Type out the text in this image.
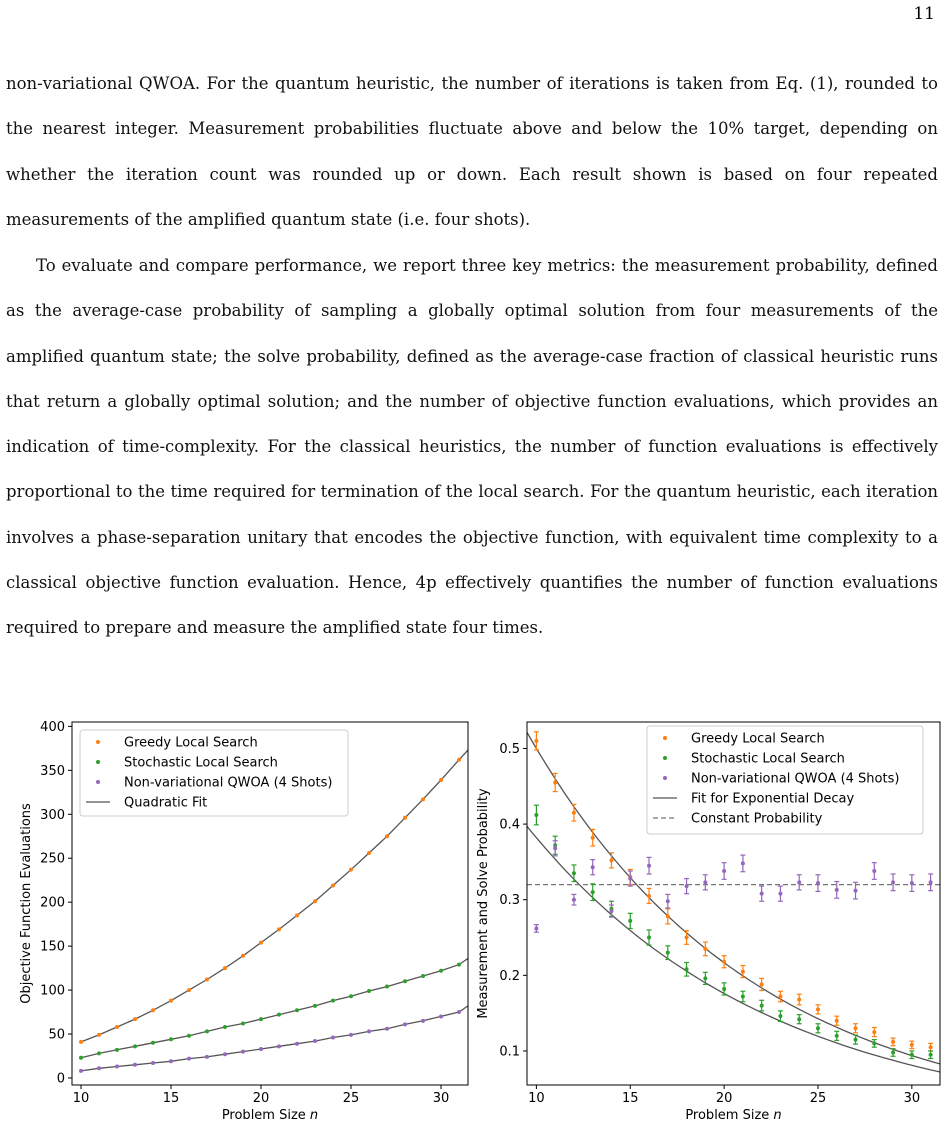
11

non-variational QWOA. For the quantum heuristic, the number of iterations is taken from Eq. (1), rounded to the nearest integer. Measurement probabilities fluctuate above and below the 10% target, depending on whether the iteration count was rounded up or down. Each result shown is based on four repeated measurements of the amplified quantum state (i.e. four shots).

To evaluate and compare performance, we report three key metrics: the measurement probability, defined as the average-case probability of sampling a globally optimal solution from four measurements of the amplified quantum state; the solve probability, defined as the average-case fraction of classical heuristic runs that return a globally optimal solution; and the number of objective function evaluations, which provides an indication of time-complexity. For the classical heuristics, the number of function evaluations is effectively proportional to the time required for termination of the local search. For the quantum heuristic, each iteration involves a phase-separation unitary that encodes the objective function, with equivalent time complexity to a classical objective function evaluation. Hence, 4p effectively quantifies the number of function evaluations required to prepare and measure the amplified state four times.

10	15	20	25	30
0
50
100
150
200
250
300
350
400
Problem Size n
Objective Function Evaluations
Greedy Local Search
Stochastic Local Search
Non-variational QWOA (4 Shots)
Quadratic Fit
10	15	20	25	30
0.1
0.2
0.3
0.4
0.5
Problem Size n
Measurement and Solve Probability
Greedy Local Search
Stochastic Local Search
Non-variational QWOA (4 Shots)
Fit for Exponential Decay
Constant Probability
